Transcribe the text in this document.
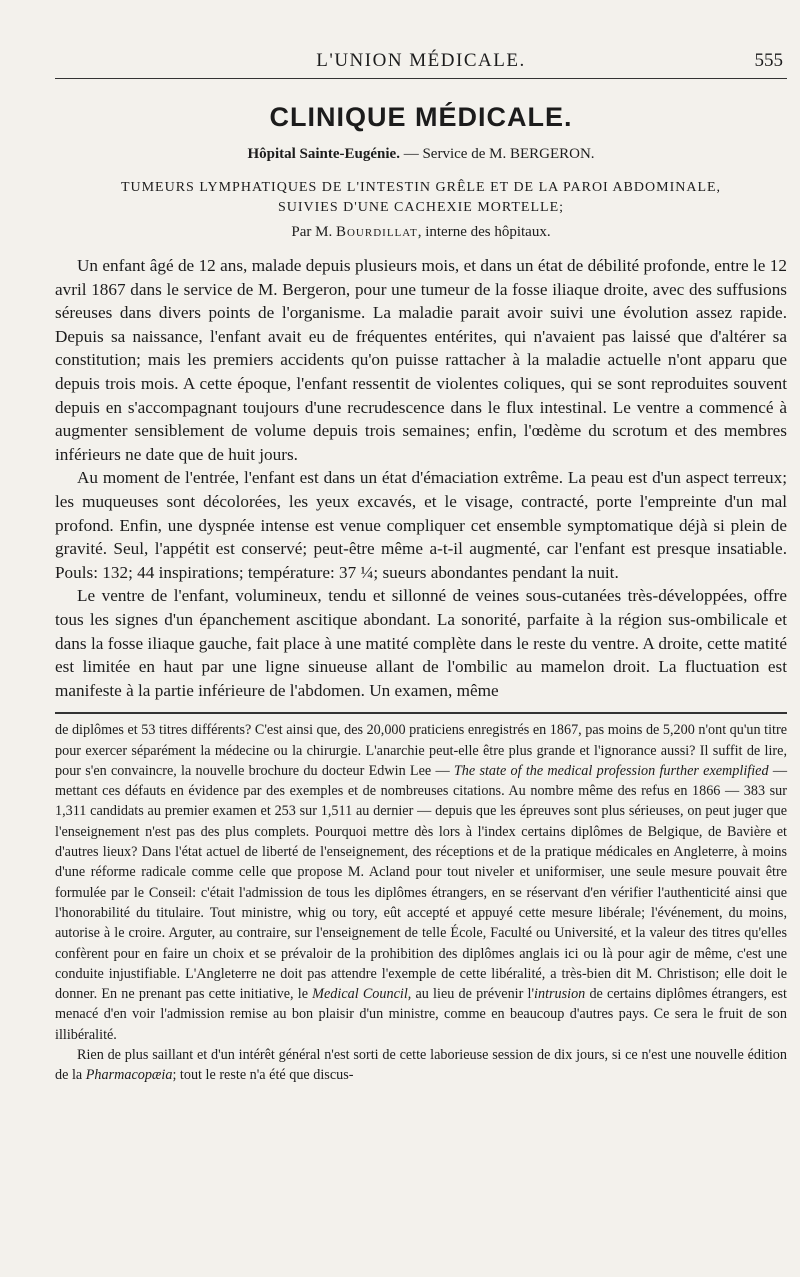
L'UNION MÉDICALE.	555
CLINIQUE MÉDICALE.
Hôpital Sainte-Eugénie. — Service de M. BERGERON.
TUMEURS LYMPHATIQUES DE L'INTESTIN GRÊLE ET DE LA PAROI ABDOMINALE,
SUIVIES D'UNE CACHEXIE MORTELLE;
Par M. Bourdillat, interne des hôpitaux.

Un enfant âgé de 12 ans, malade depuis plusieurs mois, et dans un état de débilité profonde, entre le 12 avril 1867 dans le service de M. Bergeron, pour une tumeur de la fosse iliaque droite, avec des suffusions séreuses dans divers points de l'organisme. La maladie parait avoir suivi une évolution assez rapide. Depuis sa naissance, l'enfant avait eu de fréquentes entérites, qui n'avaient pas laissé que d'altérer sa constitution; mais les premiers accidents qu'on puisse rattacher à la maladie actuelle n'ont apparu que depuis trois mois. A cette époque, l'enfant ressentit de violentes coliques, qui se sont reproduites souvent depuis en s'accompagnant toujours d'une recrudescence dans le flux intestinal. Le ventre a commencé à augmenter sensiblement de volume depuis trois semaines; enfin, l'œdème du scrotum et des membres inférieurs ne date que de huit jours.

Au moment de l'entrée, l'enfant est dans un état d'émaciation extrême. La peau est d'un aspect terreux; les muqueuses sont décolorées, les yeux excavés, et le visage, contracté, porte l'empreinte d'un mal profond. Enfin, une dyspnée intense est venue compliquer cet ensemble symptomatique déjà si plein de gravité. Seul, l'appétit est conservé; peut-être même a-t-il augmenté, car l'enfant est presque insatiable. Pouls: 132; 44 inspirations; température: 37 ¼; sueurs abondantes pendant la nuit.

Le ventre de l'enfant, volumineux, tendu et sillonné de veines sous-cutanées très-développées, offre tous les signes d'un épanchement ascitique abondant. La sonorité, parfaite à la région sus-ombilicale et dans la fosse iliaque gauche, fait place à une matité complète dans le reste du ventre. A droite, cette matité est limitée en haut par une ligne sinueuse allant de l'ombilic au mamelon droit. La fluctuation est manifeste à la partie inférieure de l'abdomen. Un examen, même

de diplômes et 53 titres différents? C'est ainsi que, des 20,000 praticiens enregistrés en 1867, pas moins de 5,200 n'ont qu'un titre pour exercer séparément la médecine ou la chirurgie. L'anarchie peut-elle être plus grande et l'ignorance aussi? Il suffit de lire, pour s'en convaincre, la nouvelle brochure du docteur Edwin Lee — The state of the medical profession further exemplified — mettant ces défauts en évidence par des exemples et de nombreuses citations. Au nombre même des refus en 1866 — 383 sur 1,311 candidats au premier examen et 253 sur 1,511 au dernier — depuis que les épreuves sont plus sérieuses, on peut juger que l'enseignement n'est pas des plus complets. Pourquoi mettre dès lors à l'index certains diplômes de Belgique, de Bavière et d'autres lieux? Dans l'état actuel de liberté de l'enseignement, des réceptions et de la pratique médicales en Angleterre, à moins d'une réforme radicale comme celle que propose M. Acland pour tout niveler et uniformiser, une seule mesure pouvait être formulée par le Conseil: c'était l'admission de tous les diplômes étrangers, en se réservant d'en vérifier l'authenticité ainsi que l'honorabilité du titulaire. Tout ministre, whig ou tory, eût accepté et appuyé cette mesure libérale; l'événement, du moins, autorise à le croire. Arguter, au contraire, sur l'enseignement de telle École, Faculté ou Université, et la valeur des titres qu'elles confèrent pour en faire un choix et se prévaloir de la prohibition des diplômes anglais ici ou là pour agir de même, c'est une conduite injustifiable. L'Angleterre ne doit pas attendre l'exemple de cette libéralité, a très-bien dit M. Christison; elle doit le donner. En ne prenant pas cette initiative, le Medical Council, au lieu de prévenir l'intrusion de certains diplômes étrangers, est menacé d'en voir l'admission remise au bon plaisir d'un ministre, comme en beaucoup d'autres pays. Ce sera le fruit de son illibéralité.

Rien de plus saillant et d'un intérêt général n'est sorti de cette laborieuse session de dix jours, si ce n'est une nouvelle édition de la Pharmacopæia; tout le reste n'a été que discus-
